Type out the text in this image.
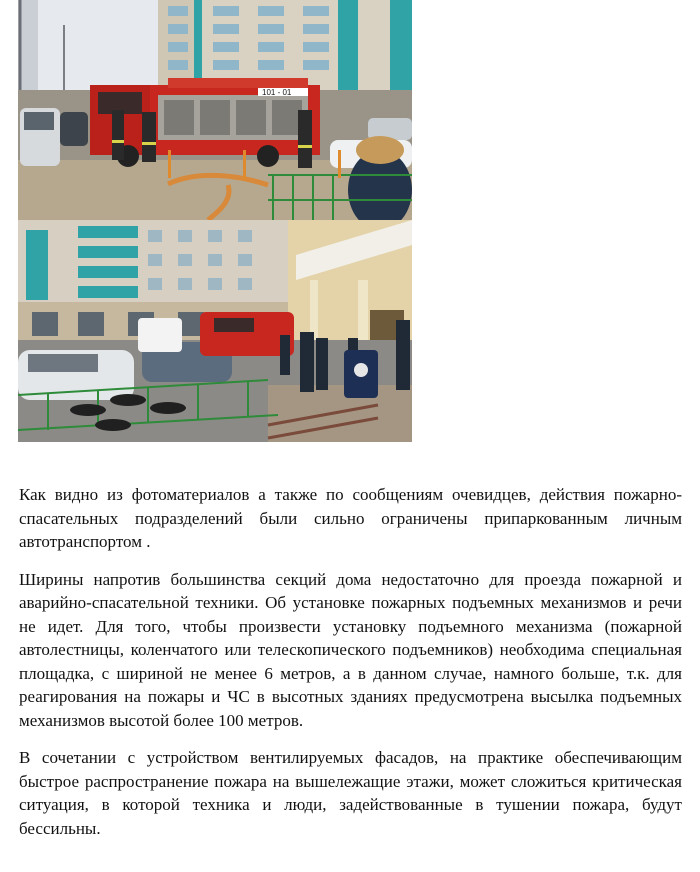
101 - 01

Как видно из фотоматериалов а также по сообщениям очевидцев, действия пожарно-спасательных подразделений были сильно ограничены припаркованным личным автотранспортом .

Ширины напротив большинства секций дома недостаточно для проезда пожарной и аварийно-спасательной техники. Об установке пожарных подъемных механизмов и речи не идет. Для того, чтобы произвести установку подъемного механизма (пожарной автолестницы, коленчатого или телескопического подъемников) необходима специальная площадка, с шириной не менее 6 метров, а в данном случае, намного больше, т.к. для реагирования на пожары и ЧС в высотных зданиях предусмотрена высылка подъемных механизмов высотой более 100 метров.

В сочетании с устройством вентилируемых фасадов, на практике обеспечивающим быстрое распространение пожара на вышележащие этажи, может сложиться критическая ситуация, в которой техника и люди, задействованные в тушении пожара, будут бессильны.
